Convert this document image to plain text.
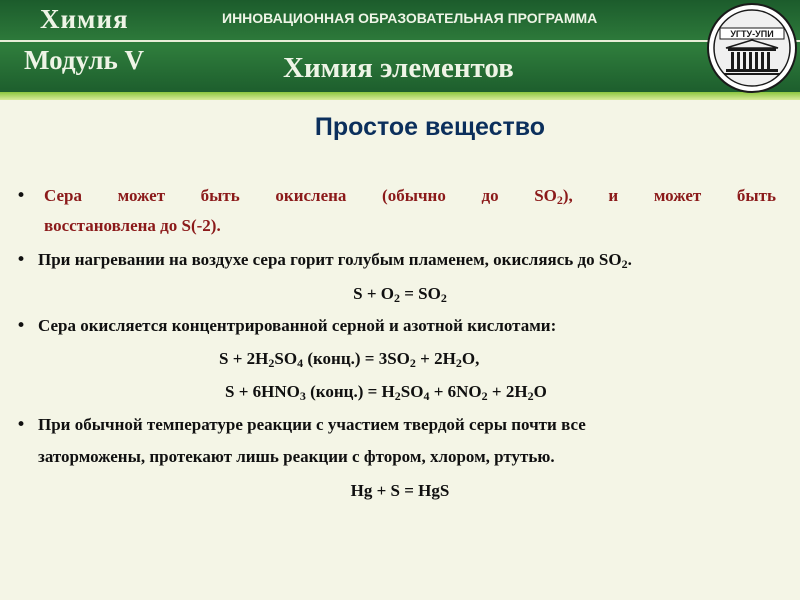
Химия
Модуль V
ИННОВАЦИОННАЯ ОБРАЗОВАТЕЛЬНАЯ ПРОГРАММА
Химия элементов
УГТУ-УПИ
Простое вещество
• Сера может быть окислена (обычно до $SO_2$), и может быть
восстановлена до S(-2).
• При нагревании на воздухе сера горит голубым пламенем, окисляясь до $SO_2$.
$S + O_2 = SO_2$
• Сера окисляется концентрированной серной и азотной кислотами:
$S + 2H_2SO_4$ (конц.) = $3SO_2 + 2H_2O$,
$S + 6HNO_3$ (конц.) = $H_2SO_4 + 6NO_2 + 2H_2O$
• При обычной температуре реакции с участием твердой серы почти все
заторможены, протекают лишь реакции с фтором, хлором, ртутью.
Hg + S = HgS
